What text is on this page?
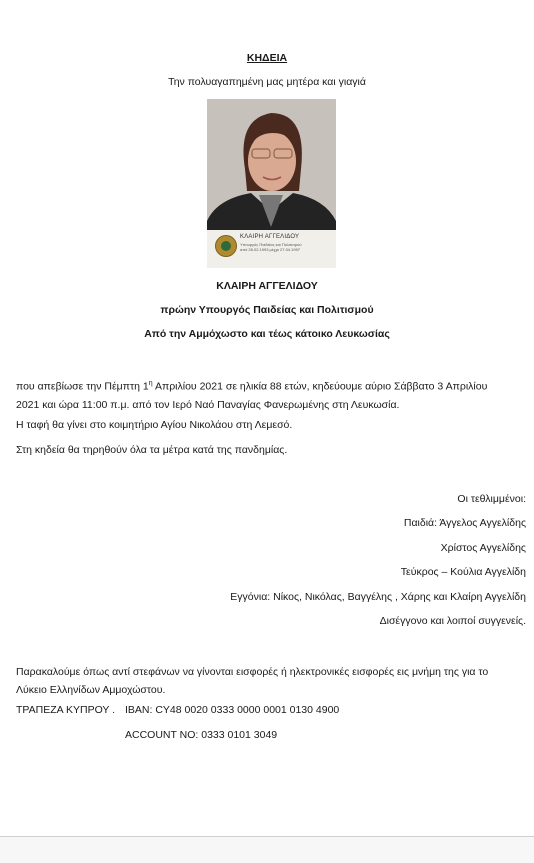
ΚΗΔΕΙΑ
Την πολυαγαπημένη μας μητέρα και γιαγιά
ΚΛΑΙΡΗ ΑΓΓΕΛΙΔΟΥ
Υπουργός Παιδείας και Πολιτισμού
από 28.02.1993 μέχρι 27.04.1997
ΚΛΑΙΡΗ ΑΓΓΕΛΙΔΟΥ
πρώην Υπουργός Παιδείας και Πολιτισμού
Από την Αμμόχωστο και τέως κάτοικο Λευκωσίας
που απεβίωσε την Πέμπτη $1^\eta$ Απριλίου 2021 σε ηλικία 88 ετών, κηδεύουμε αύριο Σάββατο 3 Απριλίου
2021 και ώρα 11:00 π.μ. από τον Ιερό Ναό Παναγίας Φανερωμένης στη Λευκωσία.
Η ταφή θα γίνει στο κοιμητήριο Αγίου Νικολάου στη Λεμεσό.
Στη κηδεία θα τηρηθούν όλα τα μέτρα κατά της πανδημίας.
Οι τεθλιμμένοι:
Παιδιά: Άγγελος Αγγελίδης
Χρίστος Αγγελίδης
Τεύκρος – Κούλια Αγγελίδη
Εγγόνια: Νίκος, Νικόλας, Βαγγέλης , Χάρης και Κλαίρη Αγγελίδη
Δισέγγονο και λοιποί συγγενείς.
Παρακαλούμε όπως αντί στεφάνων να γίνονται εισφορές ή ηλεκτρονικές εισφορές εις μνήμη της για το
Λύκειο Ελληνίδων Αμμοχώστου.
ΤΡΑΠΕΖΑ ΚΥΠΡΟΥ . IBAN: CY48 0020 0333 0000 0001 0130 4900
ACCOUNT NO: 0333 0101 3049
